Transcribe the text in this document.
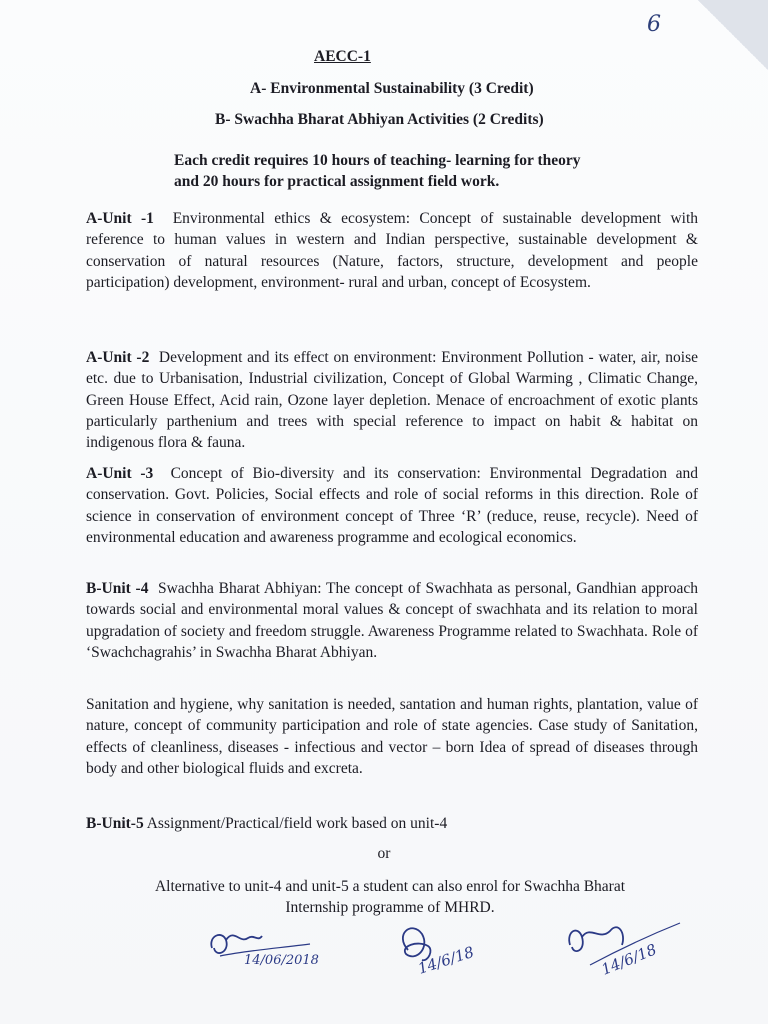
6
AECC-1
A- Environmental Sustainability (3 Credit)
B- Swachha Bharat Abhiyan Activities (2 Credits)
Each credit requires 10 hours of teaching- learning for theory
and 20 hours for practical assignment field work.
A-Unit -1 Environmental ethics & ecosystem: Concept of sustainable development with reference to human values in western and Indian perspective, sustainable development & conservation of natural resources (Nature, factors, structure, development and people participation) development, environment- rural and urban, concept of Ecosystem.
A-Unit -2 Development and its effect on environment: Environment Pollution - water, air, noise etc. due to Urbanisation, Industrial civilization, Concept of Global Warming , Climatic Change, Green House Effect, Acid rain, Ozone layer depletion. Menace of encroachment of exotic plants particularly parthenium and trees with special reference to impact on habit & habitat on indigenous flora & fauna.
A-Unit -3 Concept of Bio-diversity and its conservation: Environmental Degradation and conservation. Govt. Policies, Social effects and role of social reforms in this direction. Role of science in conservation of environment concept of Three ‘R’ (reduce, reuse, recycle). Need of environmental education and awareness programme and ecological economics.
B-Unit -4 Swachha Bharat Abhiyan: The concept of Swachhata as personal, Gandhian approach towards social and environmental moral values & concept of swachhata and its relation to moral upgradation of society and freedom struggle. Awareness Programme related to Swachhata. Role of ‘Swachchagrahis’ in Swachha Bharat Abhiyan.
Sanitation and hygiene, why sanitation is needed, santation and human rights, plantation, value of nature, concept of community participation and role of state agencies. Case study of Sanitation, effects of cleanliness, diseases - infectious and vector – born Idea of spread of diseases through body and other biological fluids and excreta.
B-Unit-5 Assignment/Practical/field work based on unit-4
or
Alternative to unit-4 and unit-5 a student can also enrol for Swachha Bharat
Internship programme of MHRD.
14/06/2018	14/6/18	14/6/18
